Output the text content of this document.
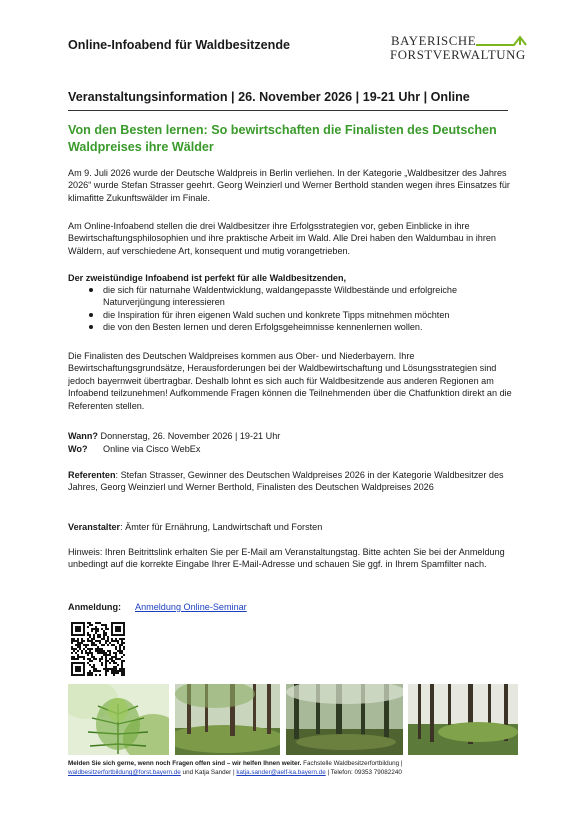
Online-Infoabend für Waldbesitzende	BAYERISCHE
FORSTVERWALTUNG
Veranstaltungsinformation | 26. November 2026 | 19-21 Uhr | Online
Von den Besten lernen: So bewirtschaften die Finalisten des Deutschen Waldpreises ihre Wälder
Am 9. Juli 2026 wurde der Deutsche Waldpreis in Berlin verliehen. In der Kategorie „Waldbesitzer des Jahres 2026“ wurde Stefan Strasser geehrt. Georg Weinzierl und Werner Berthold standen wegen ihres Einsatzes für klimafitte Zukunftswälder im Finale.
Am Online-Infoabend stellen die drei Waldbesitzer ihre Erfolgsstrategien vor, geben Einblicke in ihre Bewirtschaftungsphilosophien und ihre praktische Arbeit im Wald. Alle Drei haben den Waldumbau in ihren Wäldern, auf verschiedene Art, konsequent und mutig vorangetrieben.
Der zweistündige Infoabend ist perfekt für alle Waldbesitzenden,
die sich für naturnahe Waldentwicklung, waldangepasste Wildbestände und erfolgreiche Naturverjüngung interessieren
die Inspiration für ihren eigenen Wald suchen und konkrete Tipps mitnehmen möchten
die von den Besten lernen und deren Erfolgsgeheimnisse kennenlernen wollen.
Die Finalisten des Deutschen Waldpreises kommen aus Ober- und Niederbayern. Ihre Bewirtschaftungsgrundsätze, Herausforderungen bei der Waldbewirtschaftung und Lösungsstrategien sind jedoch bayernweit übertragbar. Deshalb lohnt es sich auch für Waldbesitzende aus anderen Regionen am Infoabend teilzunehmen! Aufkommende Fragen können die Teilnehmenden über die Chatfunktion direkt an die Referenten stellen.
Wann? Donnerstag, 26. November 2026 | 19-21 Uhr
Wo? Online via Cisco WebEx
Referenten: Stefan Strasser, Gewinner des Deutschen Waldpreises 2026 in der Kategorie Waldbesitzer des Jahres, Georg Weinzierl und Werner Berthold, Finalisten des Deutschen Waldpreises 2026
Veranstalter: Ämter für Ernährung, Landwirtschaft und Forsten
Hinweis: Ihren Beitrittslink erhalten Sie per E-Mail am Veranstaltungstag. Bitte achten Sie bei der Anmeldung unbedingt auf die korrekte Eingabe Ihrer E-Mail-Adresse und schauen Sie ggf. in Ihrem Spamfilter nach.
Anmeldung: Anmeldung Online-Seminar
Melden Sie sich gerne, wenn noch Fragen offen sind – wir helfen Ihnen weiter. Fachstelle Waldbesitzerfortbildung |
waldbesitzerfortbildung@forst.bayern.de und Katja Sander | katja.sander@aelf-ka.bayern.de | Telefon: 09353 79082240
